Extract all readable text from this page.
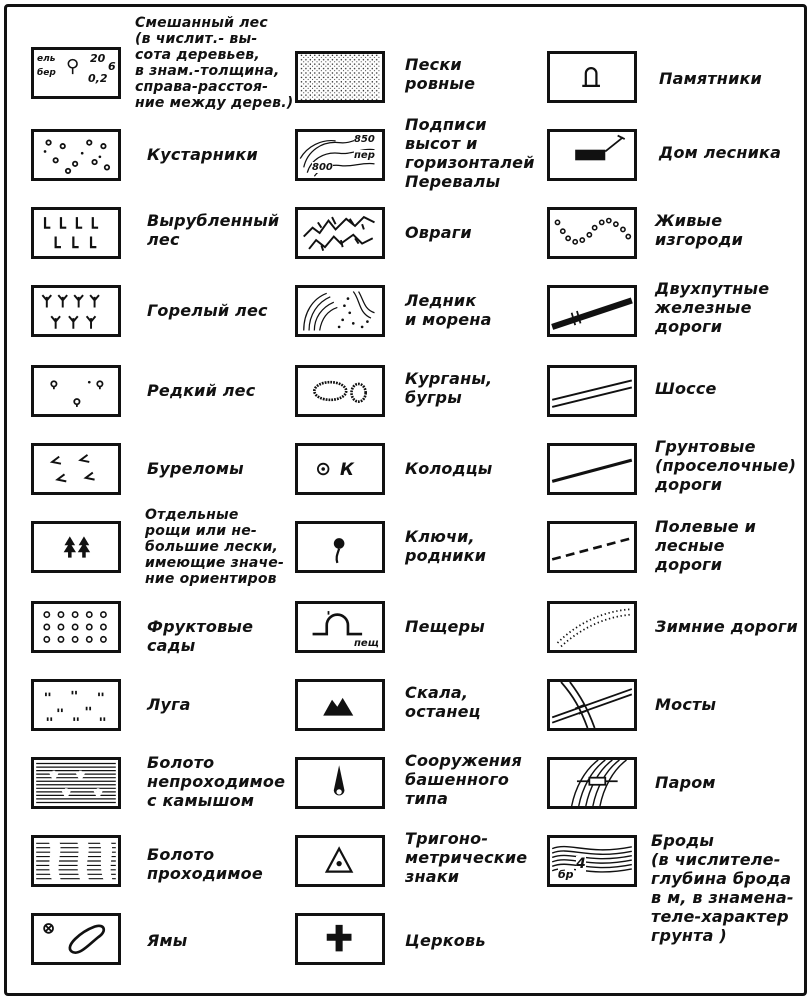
ель
бер ⚲ 20
0,2
6
Смешанный лес
(в числит.- вы-
сота деревьев,
в знам.-толщина,
справа-расстоя-
ние между дерев.)
Кустарники
Вырубленный
лес
Горелый лес
Редкий лес
Буреломы
Отдельные
рощи или не-
большие лески,
имеющие значе-
ние ориентиров
Фруктовые
сады
Луга
Болото
непроходимое
с камышом
Болото
проходимое
Ямы
Пески
ровные
850
800
пер
Подписи
высот и
горизонталей
Перевалы
Овраги
Ледник
и морена
Курганы,
бугры
К	Колодцы
Ключи,
родники
пещ
Пещеры
Скала,
останец
Сооружения
башенного
типа
Тригоно-
метрические
знаки
Церковь
Памятники
Дом лесника
Живые
изгороди
Двухпутные
железные
дороги
Шоссе
Грунтовые
(проселочные)
дороги
Полевые и
лесные
дороги
Зимние дороги
Мосты
Паром
бр
4
Броды
(в числителе-
глубина брода
в м, в знамена-
теле-характер
грунта )
